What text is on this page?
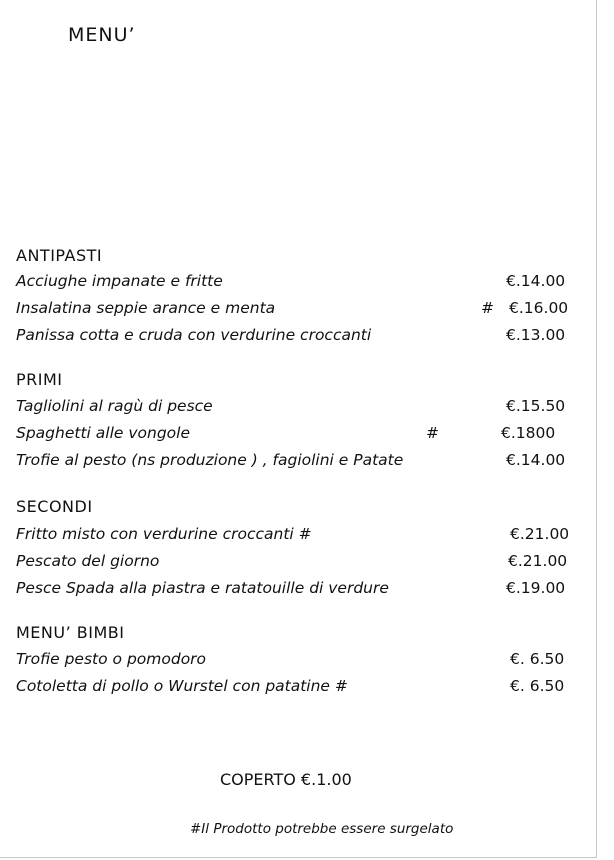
MENU’
ANTIPASTI
Acciughe impanate e fritte	€.14.00
Insalatina seppie arance e menta	# €.16.00
Panissa cotta e cruda con verdurine croccanti	€.13.00
PRIMI
Tagliolini al ragù di pesce	€.15.50
Spaghetti alle vongole	#	€.1800
Trofie al pesto (ns produzione ) , fagiolini e Patate	€.14.00
SECONDI
Fritto misto con verdurine croccanti #	€.21.00
Pescato del giorno	€.21.00
Pesce Spada alla piastra e ratatouille di verdure	€.19.00
MENU’ BIMBI
Trofie pesto o pomodoro	€. 6.50
Cotoletta di pollo o Wurstel con patatine #	€. 6.50
COPERTO €.1.00
#Il Prodotto potrebbe essere surgelato
